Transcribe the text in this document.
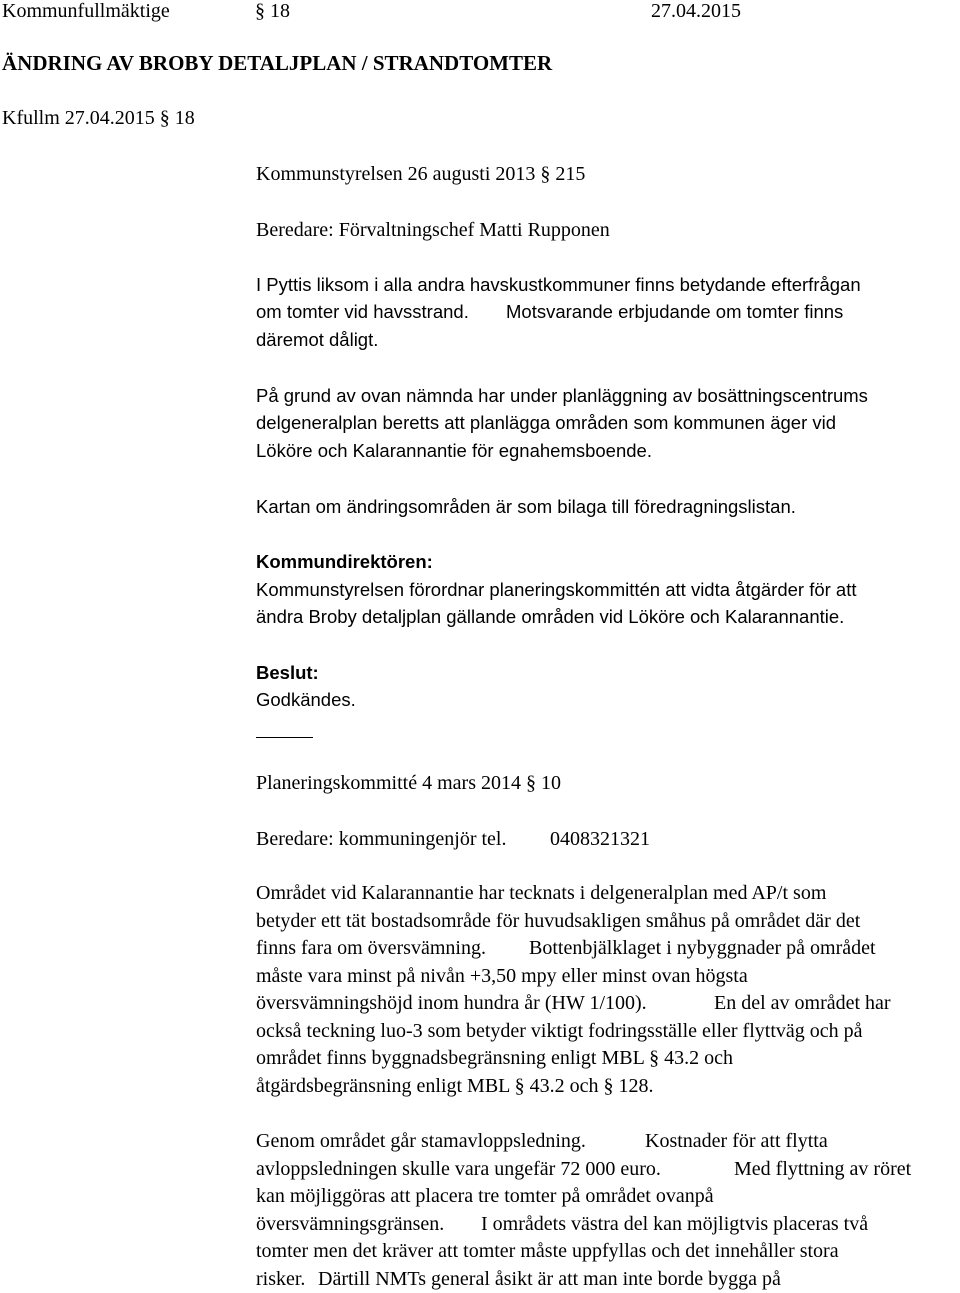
Kommunfullmäktige	§ 18	27.04.2015
ÄNDRING AV BROBY DETALJPLAN / STRANDTOMTER
Kfullm 27.04.2015 § 18
Kommunstyrelsen 26 augusti 2013 § 215
Beredare: Förvaltningschef Matti Rupponen
I Pyttis liksom i alla andra havskustkommuner finns betydande efterfrågan
om tomter vid havsstrand. Motsvarande erbjudande om tomter finns
däremot dåligt.
På grund av ovan nämnda har under planläggning av bosättningscentrums
delgeneralplan beretts att planlägga områden som kommunen äger vid
Lököre och Kalarannantie för egnahemsboende.
Kartan om ändringsområden är som bilaga till föredragningslistan.
Kommundirektören:
Kommunstyrelsen förordnar planeringskommittén att vidta åtgärder för att
ändra Broby detaljplan gällande områden vid Lököre och Kalarannantie.
Beslut:
Godkändes.
Planeringskommitté 4 mars 2014 § 10
Beredare: kommuningenjör tel. 0408321321
Området vid Kalarannantie har tecknats i delgeneralplan med AP/t som
betyder ett tät bostadsområde för huvudsakligen småhus på området där det
finns fara om översvämning. Bottenbjälklaget i nybyggnader på området
måste vara minst på nivån +3,50 mpy eller minst ovan högsta
översvämningshöjd inom hundra år (HW 1/100).	En del av området har
också teckning luo-3 som betyder viktigt fodringsställe eller flyttväg och på
området finns byggnadsbegränsning enligt MBL § 43.2 och
åtgärdsbegränsning enligt MBL § 43.2 och § 128.
Genom området går stamavloppsledning.	Kostnader för att flytta
avloppsledningen skulle vara ungefär 72 000 euro.	Med flyttning av röret
kan möjliggöras att placera tre tomter på området ovanpå
översvämningsgränsen. I områdets västra del kan möjligtvis placeras två
tomter men det kräver att tomter måste uppfyllas och det innehåller stora
risker. Därtill NMTs general åsikt är att man inte borde bygga på
